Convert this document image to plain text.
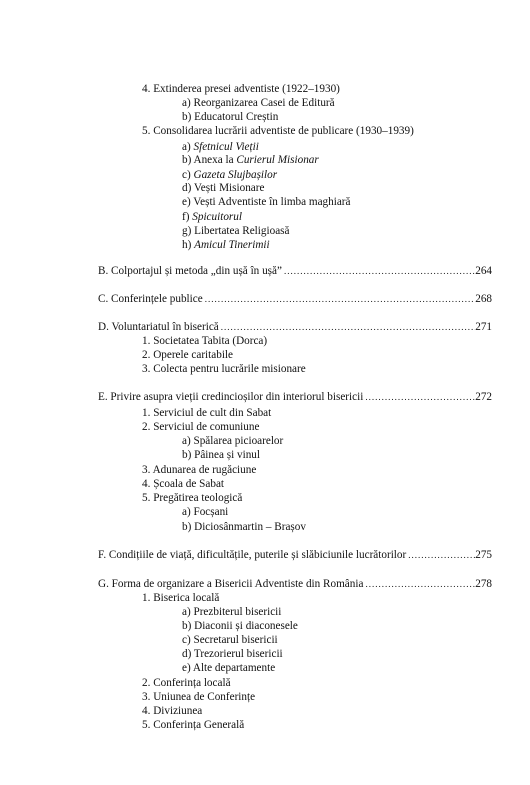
4. Extinderea presei adventiste (1922–1930)
a) Reorganizarea Casei de Editură
b) Educatorul Creștin
5. Consolidarea lucrării adventiste de publicare (1930–1939)
a) Sfetnicul Vieții
b) Anexa la Curierul Misionar
c) Gazeta Slujbașilor
d) Vești Misionare
e) Vești Adventiste în limba maghiară
f) Spicuitorul
g) Libertatea Religioasă
h) Amicul Tinerimii
B. Colportajul și metoda „din ușă în ușă” .....	264
C. Conferințele publice .....	268
D. Voluntariatul în biserică .....	271
1. Societatea Tabita (Dorca)
2. Operele caritabile
3. Colecta pentru lucrările misionare
E. Privire asupra vieții credincioșilor din interiorul bisericii .....	272
1. Serviciul de cult din Sabat
2. Serviciul de comuniune
a) Spălarea picioarelor
b) Pâinea și vinul
3. Adunarea de rugăciune
4. Școala de Sabat
5. Pregătirea teologică
a) Focșani
b) Diciosânmartin – Brașov
F. Condițiile de viață, dificultățile, puterile și slăbiciunile lucrătorilor .....	275
G. Forma de organizare a Bisericii Adventiste din România .....	278
1. Biserica locală
a) Prezbiterul bisericii
b) Diaconii și diaconesele
c) Secretarul bisericii
d) Trezorierul bisericii
e) Alte departamente
2. Conferința locală
3. Uniunea de Conferințe
4. Diviziunea
5. Conferința Generală
